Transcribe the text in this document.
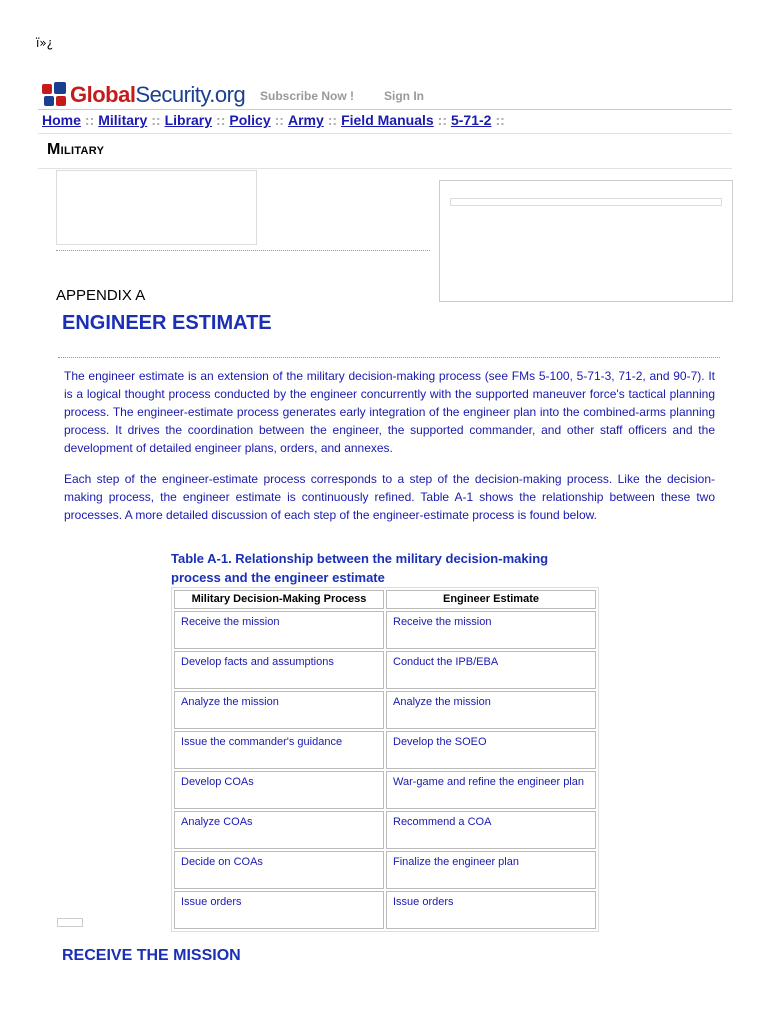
ï»¿
GlobalSecurity.org Subscribe Now ! Sign In
Home :: Military :: Library :: Policy :: Army :: Field Manuals :: 5-71-2 ::
Military
APPENDIX A
ENGINEER ESTIMATE

The engineer estimate is an extension of the military decision-making process (see FMs 5-100, 5-71-3, 71-2, and 90-7). It is a logical thought process conducted by the engineer concurrently with the supported maneuver force's tactical planning process. The engineer-estimate process generates early integration of the engineer plan into the combined-arms planning process. It drives the coordination between the engineer, the supported commander, and other staff officers and the development of detailed engineer plans, orders, and annexes.

Each step of the engineer-estimate process corresponds to a step of the decision-making process. Like the decision-making process, the engineer estimate is continuously refined. Table A-1 shows the relationship between these two processes. A more detailed discussion of each step of the engineer-estimate process is found below.

Table A-1. Relationship between the military decision-making process and the engineer estimate
Military Decision-Making Process	Engineer Estimate
Receive the mission	Receive the mission
Develop facts and assumptions	Conduct the IPB/EBA
Analyze the mission	Analyze the mission
Issue the commander's guidance	Develop the SOEO
Develop COAs	War-game and refine the engineer plan
Analyze COAs	Recommend a COA
Decide on COAs	Finalize the engineer plan
Issue orders	Issue orders
RECEIVE THE MISSION
